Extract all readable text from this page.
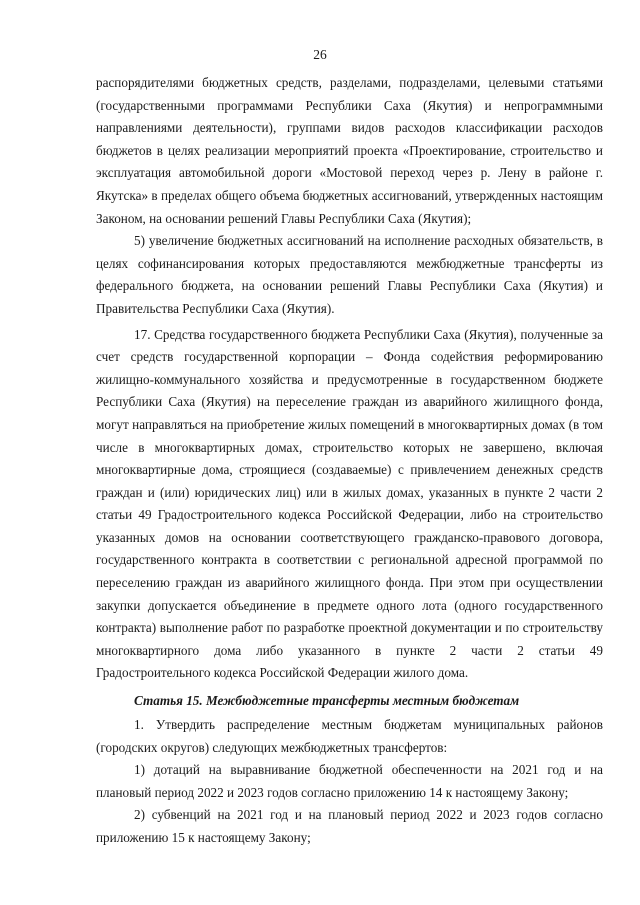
26

распорядителями бюджетных средств, разделами, подразделами, целевыми статьями (государственными программами Республики Саха (Якутия) и непрограммными направлениями деятельности), группами видов расходов классификации расходов бюджетов в целях реализации мероприятий проекта «Проектирование, строительство и эксплуатация автомобильной дороги «Мостовой переход через р. Лену в районе г. Якутска» в пределах общего объема бюджетных ассигнований, утвержденных настоящим Законом, на основании решений Главы Республики Саха (Якутия);

5) увеличение бюджетных ассигнований на исполнение расходных обязательств, в целях софинансирования которых предоставляются межбюджетные трансферты из федерального бюджета, на основании решений Главы Республики Саха (Якутия) и Правительства Республики Саха (Якутия).

17. Средства государственного бюджета Республики Саха (Якутия), полученные за счет средств государственной корпорации – Фонда содействия реформированию жилищно-коммунального хозяйства и предусмотренные в государственном бюджете Республики Саха (Якутия) на переселение граждан из аварийного жилищного фонда, могут направляться на приобретение жилых помещений в многоквартирных домах (в том числе в многоквартирных домах, строительство которых не завершено, включая многоквартирные дома, строящиеся (создаваемые) с привлечением денежных средств граждан и (или) юридических лиц) или в жилых домах, указанных в пункте 2 части 2 статьи 49 Градостроительного кодекса Российской Федерации, либо на строительство указанных домов на основании соответствующего гражданско-правового договора, государственного контракта в соответствии с региональной адресной программой по переселению граждан из аварийного жилищного фонда. При этом при осуществлении закупки допускается объединение в предмете одного лота (одного государственного контракта) выполнение работ по разработке проектной документации и по строительству многоквартирного дома либо указанного в пункте 2 части 2 статьи 49 Градостроительного кодекса Российской Федерации жилого дома.

Статья 15. Межбюджетные трансферты местным бюджетам

1. Утвердить распределение местным бюджетам муниципальных районов (городских округов) следующих межбюджетных трансфертов:

1) дотаций на выравнивание бюджетной обеспеченности на 2021 год и на плановый период 2022 и 2023 годов согласно приложению 14 к настоящему Закону;

2) субвенций на 2021 год и на плановый период 2022 и 2023 годов согласно приложению 15 к настоящему Закону;
